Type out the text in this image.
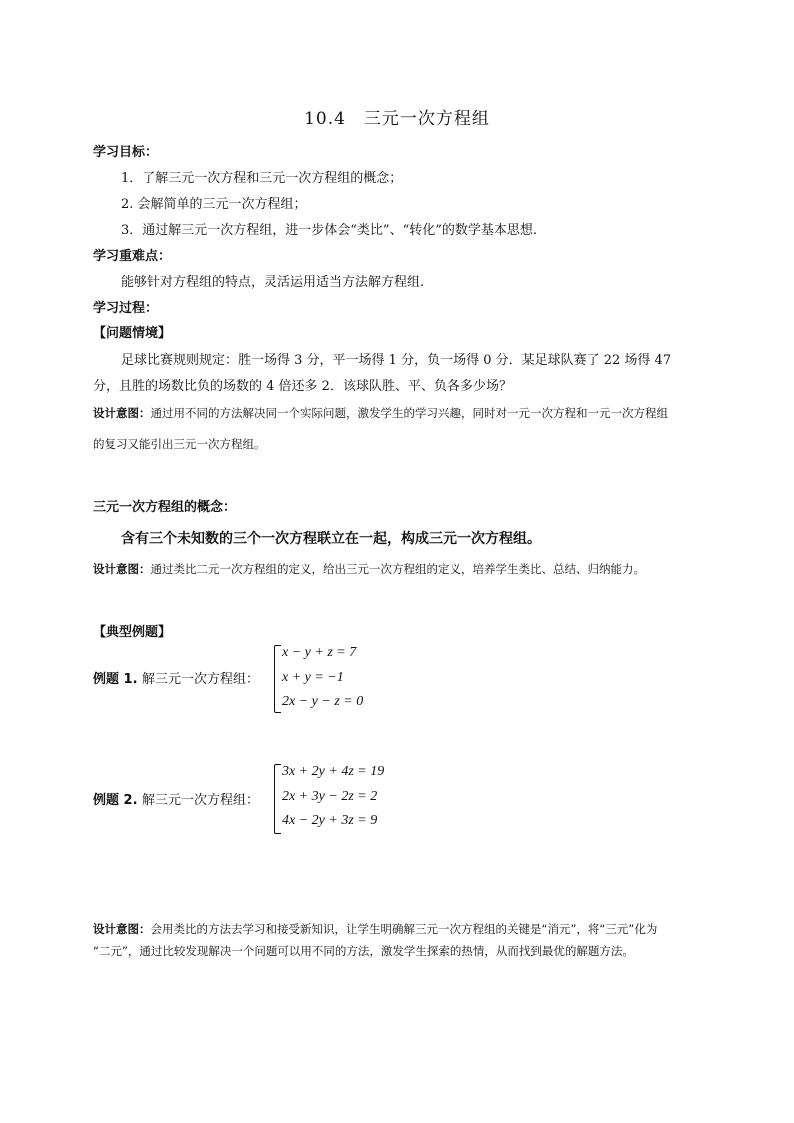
10.4　三元一次方程组
学习目标：
1．了解三元一次方程和三元一次方程组的概念；
2. 会解简单的三元一次方程组；
3．通过解三元一次方程组，进一步体会“类比”、“转化”的数学基本思想.
学习重难点：
能够针对方程组的特点，灵活运用适当方法解方程组.
学习过程：
【问题情境】
足球比赛规则规定：胜一场得 3 分，平一场得 1 分，负一场得 0 分．某足球队赛了 22 场得 47
分，且胜的场数比负的场数的 4 倍还多 2．该球队胜、平、负各多少场？
设计意图：通过用不同的方法解决同一个实际问题，激发学生的学习兴趣，同时对一元一次方程和一元一次方程组
的复习又能引出三元一次方程组。
三元一次方程组的概念：
含有三个未知数的三个一次方程联立在一起，构成三元一次方程组。
设计意图：通过类比二元一次方程组的定义，给出三元一次方程组的定义，培养学生类比、总结、归纳能力。
【典型例题】
例题 1. 解三元一次方程组：
x − y + z = 7
x + y = −1
2x − y − z = 0
例题 2. 解三元一次方程组：
3x + 2y + 4z = 19
2x + 3y − 2z = 2
4x − 2y + 3z = 9
设计意图：会用类比的方法去学习和接受新知识，让学生明确解三元一次方程组的关键是“消元”，将“三元”化为
“二元”，通过比较发现解决一个问题可以用不同的方法，激发学生探索的热情，从而找到最优的解题方法。
